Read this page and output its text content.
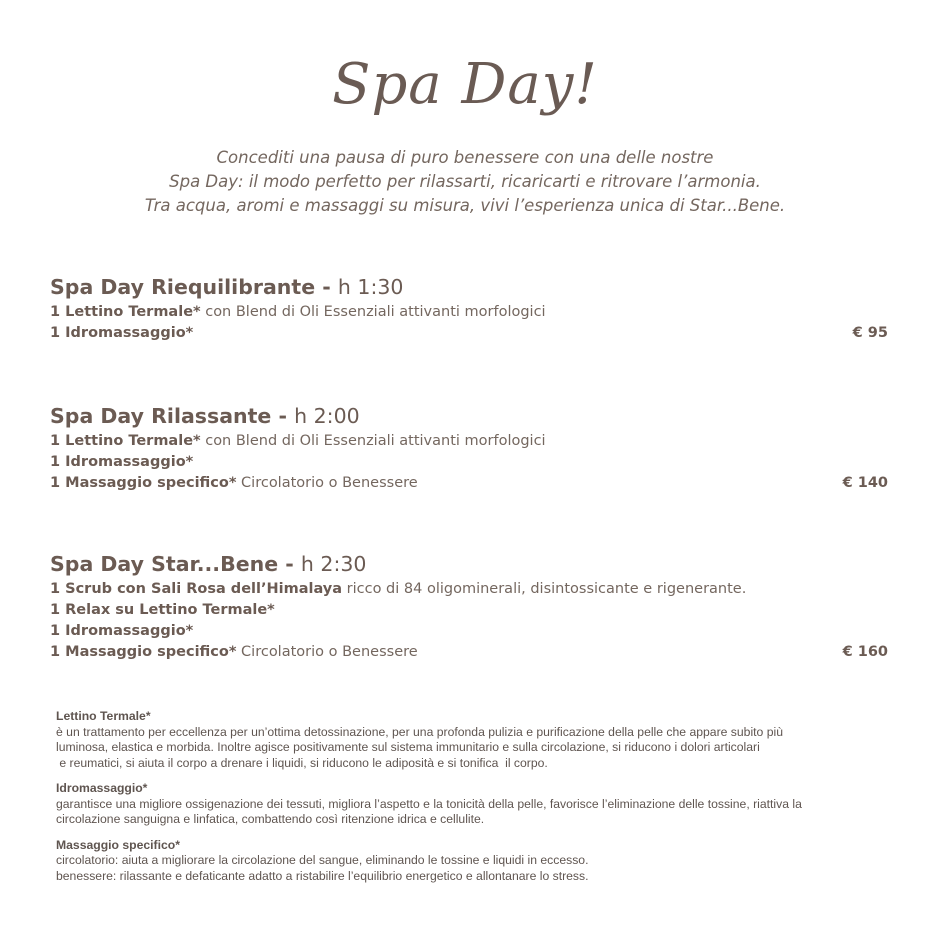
Spa Day!
Concediti una pausa di puro benessere con una delle nostre
Spa Day: il modo perfetto per rilassarti, ricaricarti e ritrovare l’armonia.
Tra acqua, aromi e massaggi su misura, vivi l’esperienza unica di Star...Bene.
Spa Day Riequilibrante - h 1:30
1 Lettino Termale* con Blend di Oli Essenziali attivanti morfologici
1 Idromassaggio*	€ 95
Spa Day Rilassante - h 2:00
1 Lettino Termale* con Blend di Oli Essenziali attivanti morfologici
1 Idromassaggio*
1 Massaggio specifico* Circolatorio o Benessere	€ 140
Spa Day Star...Bene - h 2:30
1 Scrub con Sali Rosa dell’Himalaya ricco di 84 oligominerali, disintossicante e rigenerante.
1 Relax su Lettino Termale*
1 Idromassaggio*
1 Massaggio specifico* Circolatorio o Benessere	€ 160
Lettino Termale*

è un trattamento per eccellenza per un’ottima detossinazione, per una profonda pulizia e purificazione della pelle che appare subito più

luminosa, elastica e morbida. Inoltre agisce positivamente sul sistema immunitario e sulla circolazione, si riducono i dolori articolari

e reumatici, si aiuta il corpo a drenare i liquidi, si riducono le adiposità e si tonifica  il corpo.

Idromassaggio*

garantisce una migliore ossigenazione dei tessuti, migliora l’aspetto e la tonicità della pelle, favorisce l’eliminazione delle tossine, riattiva la

circolazione sanguigna e linfatica, combattendo così ritenzione idrica e cellulite.

Massaggio specifico*

circolatorio: aiuta a migliorare la circolazione del sangue, eliminando le tossine e liquidi in eccesso.

benessere: rilassante e defaticante adatto a ristabilire l’equilibrio energetico e allontanare lo stress.
